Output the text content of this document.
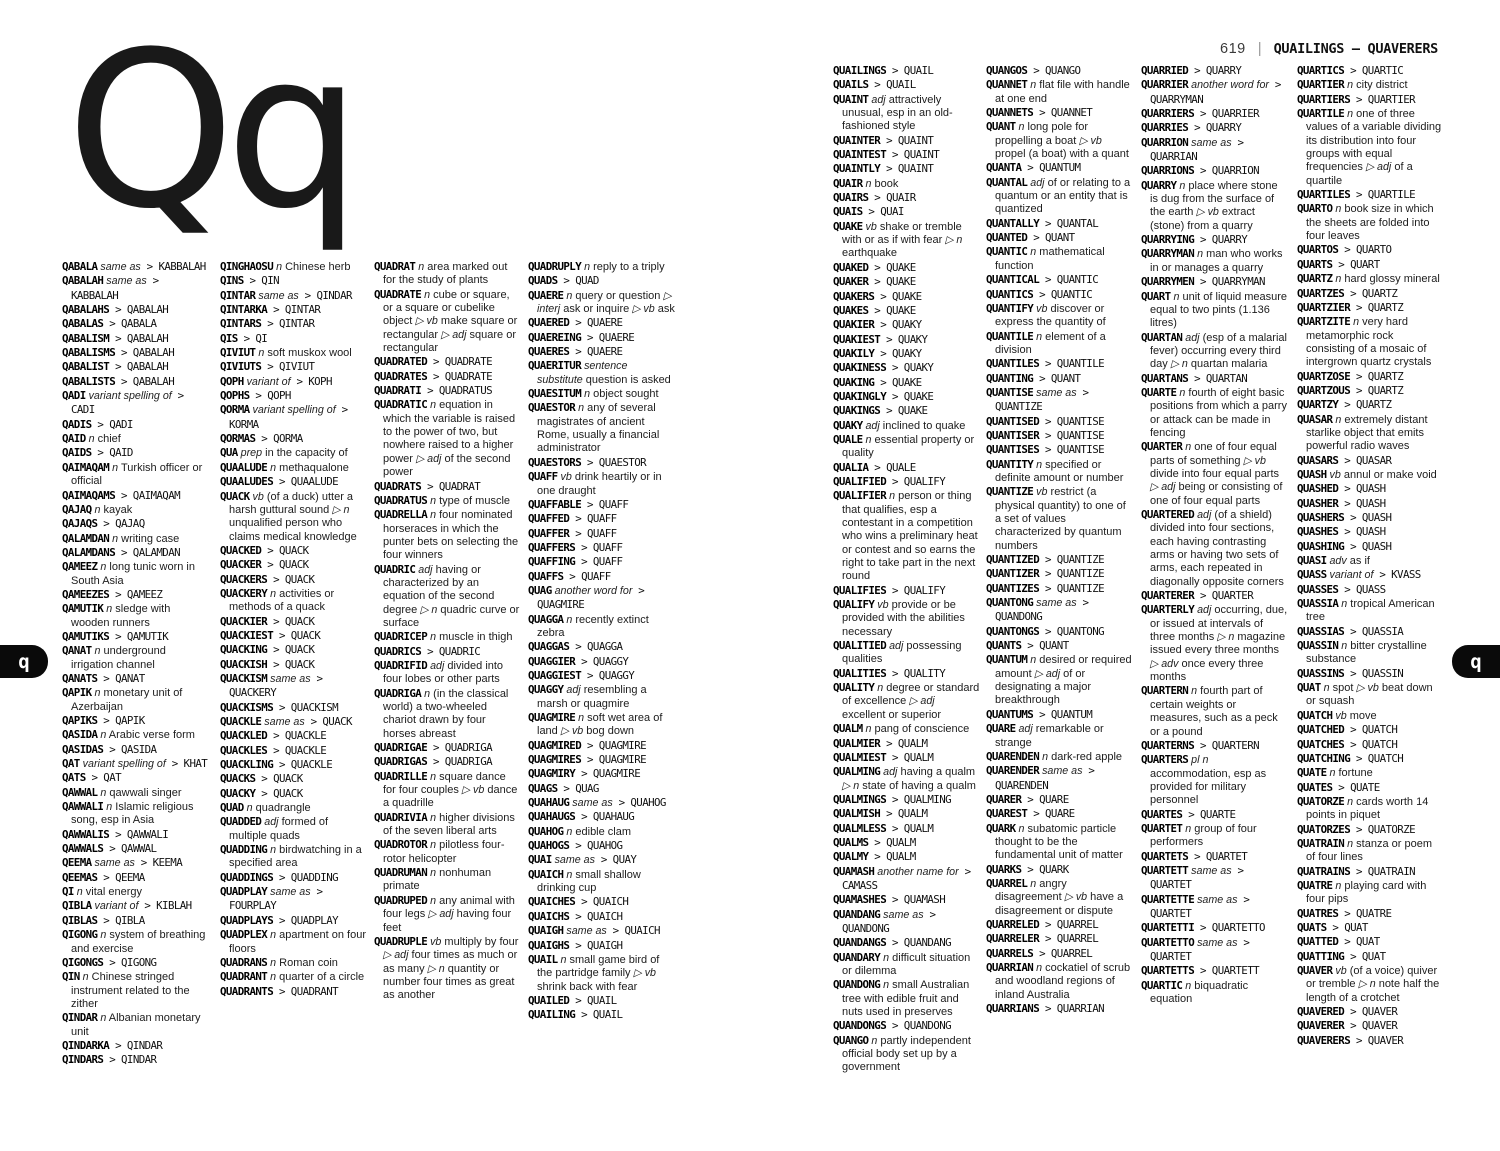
619 | QUAILINGS – QUAVERERS
Qq
QABALA same as > KABBALAH
QABALAH same as > KABBALAH
QABALAHS > QABALAH
QABALAS > QABALA
QABALISM > QABALAH
QABALISMS > QABALAH
QABALIST > QABALAH
QABALISTS > QABALAH
QADI variant spelling of > CADI
QADIS > QADI
QAID n chief
QAIDS > QAID
QAIMAQAM n Turkish officer or official
QAIMAQAMS > QAIMAQAM
QAJAQ n kayak
QAJAQS > QAJAQ
QALAMDAN n writing case
QALAMDANS > QALAMDAN
QAMEEZ n long tunic worn in South Asia
QAMEEZES > QAMEEZ
QAMUTIK n sledge with wooden runners
QAMUTIKS > QAMUTIK
QANAT n underground irrigation channel
QANATS > QANAT
QAPIK n monetary unit of Azerbaijan
QAPIKS > QAPIK
QASIDA n Arabic verse form
QASIDAS > QASIDA
QAT variant spelling of > KHAT
QATS > QAT
QAWWAL n qawwali singer
QAWWALI n Islamic religious song, esp in Asia
QAWWALIS > QAWWALI
QAWWALS > QAWWAL
QEEMA same as > KEEMA
QEEMAS > QEEMA
QI n vital energy
QIBLA variant of > KIBLAH
QIBLAS > QIBLA
QIGONG n system of breathing and exercise
QIGONGS > QIGONG
QIN n Chinese stringed instrument related to the zither
QINDAR n Albanian monetary unit
QINDARKA > QINDAR
QINDARS > QINDAR
QINGHAOSU n Chinese herb
QINS > QIN
QINTAR same as > QINDAR
QINTARKA > QINTAR
QINTARS > QINTAR
QIS > QI
QIVIUT n soft muskox wool
QIVIUTS > QIVIUT
QOPH variant of > KOPH
QOPHS > QOPH
QORMA variant spelling of > KORMA
QORMAS > QORMA
QUA prep in the capacity of
QUAALUDE n methaqualone
QUAALUDES > QUAALUDE
QUACK vb (of a duck) utter a harsh guttural sound ▷ n unqualified person who claims medical knowledge
QUACKED > QUACK
QUACKER > QUACK
QUACKERS > QUACK
QUACKERY n activities or methods of a quack
QUACKIER > QUACK
QUACKIEST > QUACK
QUACKING > QUACK
QUACKISH > QUACK
QUACKISM same as > QUACKERY
QUACKISMS > QUACKISM
QUACKLE same as > QUACK
QUACKLED > QUACKLE
QUACKLES > QUACKLE
QUACKLING > QUACKLE
QUACKS > QUACK
QUACKY > QUACK
QUAD n quadrangle
QUADDED adj formed of multiple quads
QUADDING n birdwatching in a specified area
QUADDINGS > QUADDING
QUADPLAY same as > FOURPLAY
QUADPLAYS > QUADPLAY
QUADPLEX n apartment on four floors
QUADRANS n Roman coin
QUADRANT n quarter of a circle
QUADRANTS > QUADRANT
QUADRAT n area marked out for the study of plants
QUADRATE n cube or square, or a square or cubelike object ▷ vb make square or rectangular ▷ adj square or rectangular
QUADRATED > QUADRATE
QUADRATES > QUADRATE
QUADRATI > QUADRATUS
QUADRATIC n equation in which the variable is raised to the power of two, but nowhere raised to a higher power ▷ adj of the second power
QUADRATS > QUADRAT
QUADRATUS n type of muscle
QUADRELLA n four nominated horseraces in which the punter bets on selecting the four winners
QUADRIC adj having or characterized by an equation of the second degree ▷ n quadric curve or surface
QUADRICEP n muscle in thigh
QUADRICS > QUADRIC
QUADRIFID adj divided into four lobes or other parts
QUADRIGA n (in the classical world) a two-wheeled chariot drawn by four horses abreast
QUADRIGAE > QUADRIGA
QUADRIGAS > QUADRIGA
QUADRILLE n square dance for four couples ▷ vb dance a quadrille
QUADRIVIA n higher divisions of the seven liberal arts
QUADROTOR n pilotless four-rotor helicopter
QUADRUMAN n nonhuman primate
QUADRUPED n any animal with four legs ▷ adj having four feet
QUADRUPLE vb multiply by four ▷ adj four times as much or as many ▷ n quantity or number four times as great as another
QUADRUPLY n reply to a triply
QUADS > QUAD
QUAERE n query or question ▷ interj ask or inquire ▷ vb ask
QUAERED > QUAERE
QUAEREING > QUAERE
QUAERES > QUAERE
QUAERITUR sentence substitute question is asked
QUAESITUM n object sought
QUAESTOR n any of several magistrates of ancient Rome, usually a financial administrator
QUAESTORS > QUAESTOR
QUAFF vb drink heartily or in one draught
QUAFFABLE > QUAFF
QUAFFED > QUAFF
QUAFFER > QUAFF
QUAFFERS > QUAFF
QUAFFING > QUAFF
QUAFFS > QUAFF
QUAG another word for > QUAGMIRE
QUAGGA n recently extinct zebra
QUAGGAS > QUAGGA
QUAGGIER > QUAGGY
QUAGGIEST > QUAGGY
QUAGGY adj resembling a marsh or quagmire
QUAGMIRE n soft wet area of land ▷ vb bog down
QUAGMIRED > QUAGMIRE
QUAGMIRES > QUAGMIRE
QUAGMIRY > QUAGMIRE
QUAGS > QUAG
QUAHAUG same as > QUAHOG
QUAHAUGS > QUAHAUG
QUAHOG n edible clam
QUAHOGS > QUAHOG
QUAI same as > QUAY
QUAICH n small shallow drinking cup
QUAICHES > QUAICH
QUAICHS > QUAICH
QUAIGH same as > QUAICH
QUAIGHS > QUAIGH
QUAIL n small game bird of the partridge family ▷ vb shrink back with fear
QUAILED > QUAIL
QUAILING > QUAIL
QUAILINGS > QUAIL
QUAILS > QUAIL
QUAINT adj attractively unusual, esp in an old-fashioned style
QUAINTER > QUAINT
QUAINTEST > QUAINT
QUAINTLY > QUAINT
QUAIR n book
QUAIRS > QUAIR
QUAIS > QUAI
QUAKE vb shake or tremble with or as if with fear ▷ n earthquake
QUAKED > QUAKE
QUAKER > QUAKE
QUAKERS > QUAKE
QUAKES > QUAKE
QUAKIER > QUAKY
QUAKIEST > QUAKY
QUAKILY > QUAKY
QUAKINESS > QUAKY
QUAKING > QUAKE
QUAKINGLY > QUAKE
QUAKINGS > QUAKE
QUAKY adj inclined to quake
QUALE n essential property or quality
QUALIA > QUALE
QUALIFIED > QUALIFY
QUALIFIER n person or thing that qualifies, esp a contestant in a competition who wins a preliminary heat or contest and so earns the right to take part in the next round
QUALIFIES > QUALIFY
QUALIFY vb provide or be provided with the abilities necessary
QUALITIED adj possessing qualities
QUALITIES > QUALITY
QUALITY n degree or standard of excellence ▷ adj excellent or superior
QUALM n pang of conscience
QUALMIER > QUALM
QUALMIEST > QUALM
QUALMING adj having a qualm ▷ n state of having a qualm
QUALMINGS > QUALMING
QUALMISH > QUALM
QUALMLESS > QUALM
QUALMS > QUALM
QUALMY > QUALM
QUAMASH another name for > CAMASS
QUAMASHES > QUAMASH
QUANDANG same as > QUANDONG
QUANDANGS > QUANDANG
QUANDARY n difficult situation or dilemma
QUANDONG n small Australian tree with edible fruit and nuts used in preserves
QUANDONGS > QUANDONG
QUANGO n partly independent official body set up by a government
QUANGOS > QUANGO
QUANNET n flat file with handle at one end
QUANNETS > QUANNET
QUANT n long pole for propelling a boat ▷ vb propel (a boat) with a quant
QUANTA > QUANTUM
QUANTAL adj of or relating to a quantum or an entity that is quantized
QUANTALLY > QUANTAL
QUANTED > QUANT
QUANTIC n mathematical function
QUANTICAL > QUANTIC
QUANTICS > QUANTIC
QUANTIFY vb discover or express the quantity of
QUANTILE n element of a division
QUANTILES > QUANTILE
QUANTING > QUANT
QUANTISE same as > QUANTIZE
QUANTISED > QUANTISE
QUANTISER > QUANTISE
QUANTISES > QUANTISE
QUANTITY n specified or definite amount or number
QUANTIZE vb restrict (a physical quantity) to one of a set of values characterized by quantum numbers
QUANTIZED > QUANTIZE
QUANTIZER > QUANTIZE
QUANTIZES > QUANTIZE
QUANTONG same as > QUANDONG
QUANTONGS > QUANTONG
QUANTS > QUANT
QUANTUM n desired or required amount ▷ adj of or designating a major breakthrough
QUANTUMS > QUANTUM
QUARE adj remarkable or strange
QUARENDEN n dark-red apple
QUARENDER same as > QUARENDEN
QUARER > QUARE
QUAREST > QUARE
QUARK n subatomic particle thought to be the fundamental unit of matter
QUARKS > QUARK
QUARREL n angry disagreement ▷ vb have a disagreement or dispute
QUARRELED > QUARREL
QUARRELER > QUARREL
QUARRELS > QUARREL
QUARRIAN n cockatiel of scrub and woodland regions of inland Australia
QUARRIANS > QUARRIAN
QUARRIED > QUARRY
QUARRIER another word for > QUARRYMAN
QUARRIERS > QUARRIER
QUARRIES > QUARRY
QUARRION same as > QUARRIAN
QUARRIONS > QUARRION
QUARRY n place where stone is dug from the surface of the earth ▷ vb extract (stone) from a quarry
QUARRYING > QUARRY
QUARRYMAN n man who works in or manages a quarry
QUARRYMEN > QUARRYMAN
QUART n unit of liquid measure equal to two pints (1.136 litres)
QUARTAN adj (esp of a malarial fever) occurring every third day ▷ n quartan malaria
QUARTANS > QUARTAN
QUARTE n fourth of eight basic positions from which a parry or attack can be made in fencing
QUARTER n one of four equal parts of something ▷ vb divide into four equal parts ▷ adj being or consisting of one of four equal parts
QUARTERED adj (of a shield) divided into four sections, each having contrasting arms or having two sets of arms, each repeated in diagonally opposite corners
QUARTERER > QUARTER
QUARTERLY adj occurring, due, or issued at intervals of three months ▷ n magazine issued every three months ▷ adv once every three months
QUARTERN n fourth part of certain weights or measures, such as a peck or a pound
QUARTERNS > QUARTERN
QUARTERS pl n accommodation, esp as provided for military personnel
QUARTES > QUARTE
QUARTET n group of four performers
QUARTETS > QUARTET
QUARTETT same as > QUARTET
QUARTETTE same as > QUARTET
QUARTETTI > QUARTETTO
QUARTETTO same as > QUARTET
QUARTETTS > QUARTETT
QUARTIC n biquadratic equation
QUARTICS > QUARTIC
QUARTIER n city district
QUARTIERS > QUARTIER
QUARTILE n one of three values of a variable dividing its distribution into four groups with equal frequencies ▷ adj of a quartile
QUARTILES > QUARTILE
QUARTO n book size in which the sheets are folded into four leaves
QUARTOS > QUARTO
QUARTS > QUART
QUARTZ n hard glossy mineral
QUARTZES > QUARTZ
QUARTZIER > QUARTZ
QUARTZITE n very hard metamorphic rock consisting of a mosaic of intergrown quartz crystals
QUARTZOSE > QUARTZ
QUARTZOUS > QUARTZ
QUARTZY > QUARTZ
QUASAR n extremely distant starlike object that emits powerful radio waves
QUASARS > QUASAR
QUASH vb annul or make void
QUASHED > QUASH
QUASHER > QUASH
QUASHERS > QUASH
QUASHES > QUASH
QUASHING > QUASH
QUASI adv as if
QUASS variant of > KVASS
QUASSES > QUASS
QUASSIA n tropical American tree
QUASSIAS > QUASSIA
QUASSIN n bitter crystalline substance
QUASSINS > QUASSIN
QUAT n spot ▷ vb beat down or squash
QUATCH vb move
QUATCHED > QUATCH
QUATCHES > QUATCH
QUATCHING > QUATCH
QUATE n fortune
QUATES > QUATE
QUATORZE n cards worth 14 points in piquet
QUATORZES > QUATORZE
QUATRAIN n stanza or poem of four lines
QUATRAINS > QUATRAIN
QUATRE n playing card with four pips
QUATRES > QUATRE
QUATS > QUAT
QUATTED > QUAT
QUATTING > QUAT
QUAVER vb (of a voice) quiver or tremble ▷ n note half the length of a crotchet
QUAVERED > QUAVER
QUAVERER > QUAVER
QUAVERERS > QUAVER
q	q
